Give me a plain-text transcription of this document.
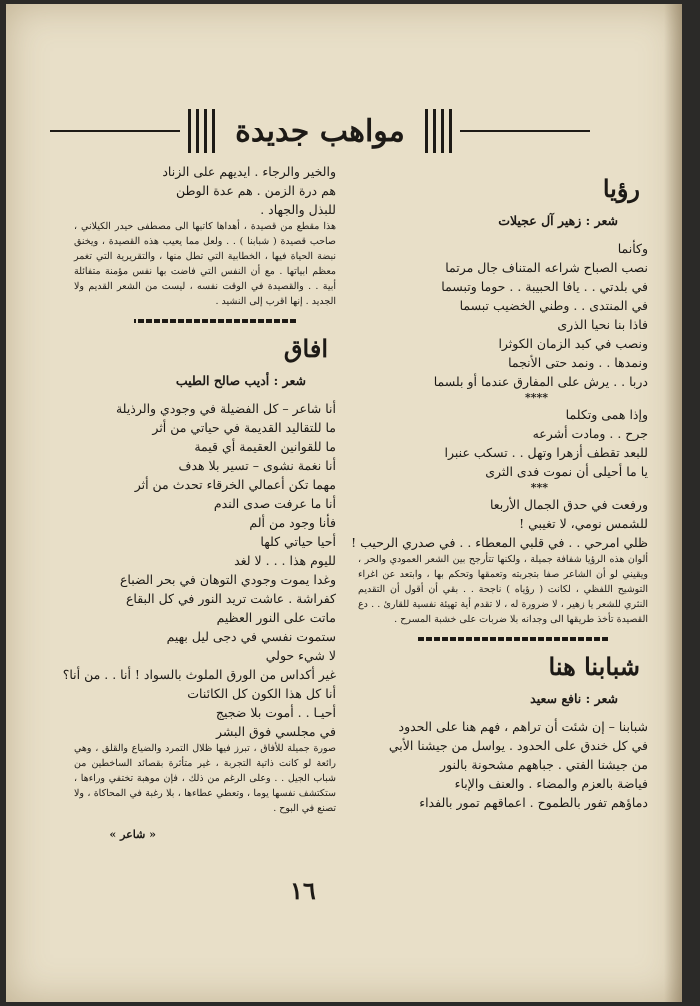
مواهب جديدة
رؤيا
شعر : زهير آل عجيلات
وكأنما
نصب الصباح شراعه المتناف جال مرتما
في بلدتي . . يافا الحبيبة . . حوما وتبسما
في المنتدى . . وطني الخضيب تبسما
فاذا بنا نحيا الذرى
ونصب في كبد الزمان الكوثرا
ونمدها . . ونمد حتى الأنجما
دربا . . يرش على المفارق عندما أو بلسما
****
وإذا همى وتكلما
جرح . . ومادت أشرعه
للبعد تقطف أزهرا وتهل . . تسكب عنبرا
يا ما أحيلى أن نموت فدى الثرى
***
ورفعت في حدق الجمال الأربعا
للشمس نومي، لا تغيبي !
ظلي امرحي . . في قلبي المعطاء . . في صدري الرحيب !
ألوان هذه الرؤيا شفافة جميلة ، ولكنها تتأرجح بين الشعر العمودي والحر ، ويقيني لو أن الشاعر صفا بتجربته وتعمقها وتحكم بها ، وابتعد عن اغراء التوشيح اللفظي ، لكانت ( رؤياه ) ناجحة . . بقي أن أقول أن التقديم النثري للشعر يا زهير ، لا ضرورة له ، لا تقدم أية تهيئة نفسية للقارئ . . دع القصيدة تأخذ طريقها الى وجدانه بلا ضربات على خشبة المسرح .
شبابنا هنا
شعر : نافع سعيد
شبابنا – إن شئت أن تراهم ، فهم هنا على الحدود
في كل خندق على الحدود . يواسل من جيشنا الأبي
من جيشنا الفتي . جباههم مشحونة بالنور
فياضة بالعزم والمضاء . والعنف والإباء
دماؤهم تفور بالطموح . اعماقهم تمور بالفداء
والخير والرجاء . ايديهم على الزناد
هم درة الزمن . هم عدة الوطن
للبذل والجهاد .
هذا مقطع من قصيدة ، أهداها كاتبها الى مصطفى حيدر الكيلاني ، صاحب قصيدة ( شبابنا ) . . ولعل مما يعيب هذه القصيدة ، ويخنق نبضة الحياة فيها ، الخطابية التي تطل منها ، والتقريرية التي تغمر معظم ابياتها . مع أن النفس التي فاضت بها نفس مؤمنة متفائلة أبية . . والقصيدة في الوقت نفسه ، ليست من الشعر القديم ولا الجديد . إنها اقرب إلى النشيد .
افاق
شعر : أديب صالح الطيب
أنا شاعر – كل الفضيلة في وجودي والرذيلة
ما للتقاليد القديمة في حياتي من أثر
ما للقوانين العقيمة أي قيمة
أنا نغمة نشوى – تسير بلا هدف
مهما تكن أعمالي الخرقاء تحدث من أثر
أنا ما عرفت صدى الندم
فأنا وجود من ألم
أحيا حياتي كلها
لليوم هذا . . . لا لغد
وغدا يموت وجودي التوهان في بحر الضباع
كفراشة . عاشت تريد النور في كل البقاع
ماتت على النور العظيم
ستموت نفسي في دجى ليل بهيم
لا شيء حولي
غير أكداس من الورق الملوث بالسواد ! أنا . . من أنا؟
أنا كل هذا الكون كل الكائنات
أحيـا . . أموت بلا ضجيج
في مجلسي فوق البشر
صورة جميلة للأفاق ، تبرز فيها ظلال التمرد والضياع والقلق ، وهي رائعة لو كانت ذاتية التجربة ، غير متأثرة بقصائد الساخطين من شباب الجيل . . وعلى الرغم من ذلك ، فإن موهبة تختفي وراءها ، ستكتشف نفسها يوما ، وتعطي عطاءها ، بلا رغبة في المحاكاة ، ولا تصنع في البوح .
« شاعر »
١٦
